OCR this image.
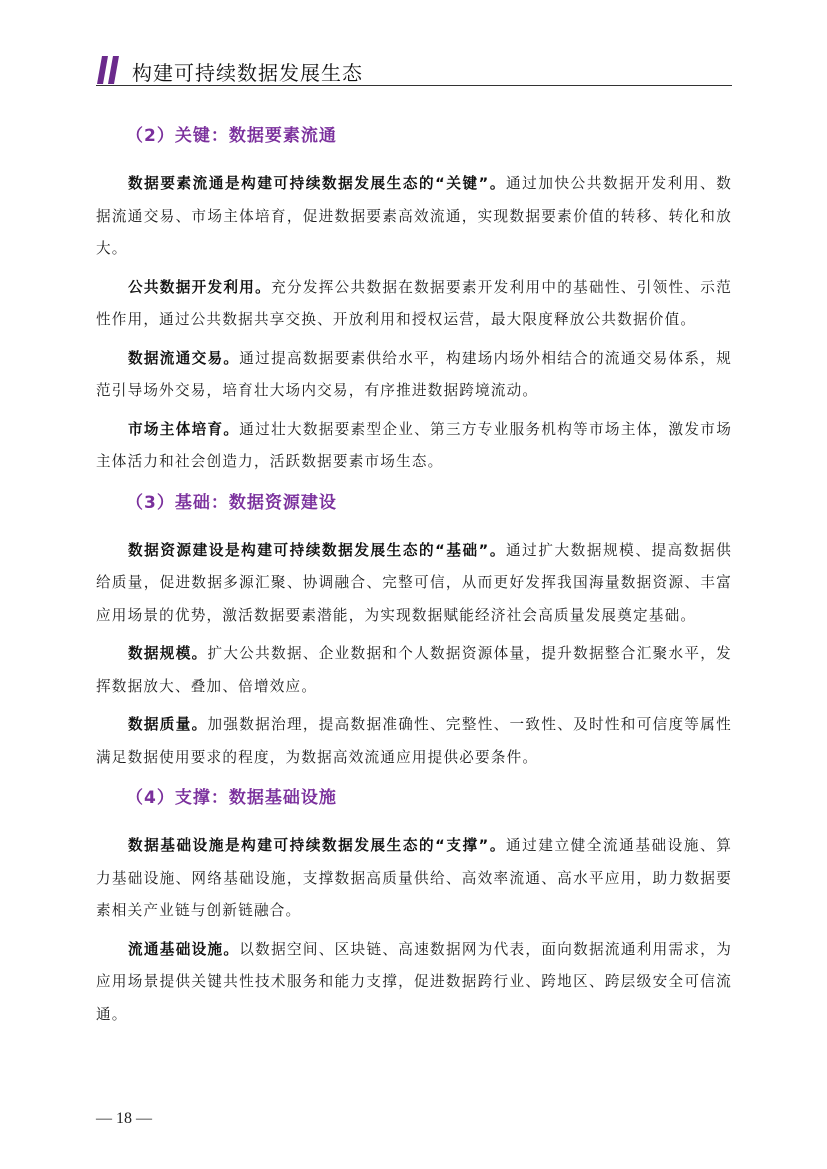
构建可持续数据发展生态
（2）关键：数据要素流通

数据要素流通是构建可持续数据发展生态的“关键”。通过加快公共数据开发利用、数据流通交易、市场主体培育，促进数据要素高效流通，实现数据要素价值的转移、转化和放大。

公共数据开发利用。充分发挥公共数据在数据要素开发利用中的基础性、引领性、示范性作用，通过公共数据共享交换、开放利用和授权运营，最大限度释放公共数据价值。

数据流通交易。通过提高数据要素供给水平，构建场内场外相结合的流通交易体系，规范引导场外交易，培育壮大场内交易，有序推进数据跨境流动。

市场主体培育。通过壮大数据要素型企业、第三方专业服务机构等市场主体，激发市场主体活力和社会创造力，活跃数据要素市场生态。

（3）基础：数据资源建设

数据资源建设是构建可持续数据发展生态的“基础”。通过扩大数据规模、提高数据供给质量，促进数据多源汇聚、协调融合、完整可信，从而更好发挥我国海量数据资源、丰富应用场景的优势，激活数据要素潜能，为实现数据赋能经济社会高质量发展奠定基础。

数据规模。扩大公共数据、企业数据和个人数据资源体量，提升数据整合汇聚水平，发挥数据放大、叠加、倍增效应。

数据质量。加强数据治理，提高数据准确性、完整性、一致性、及时性和可信度等属性满足数据使用要求的程度，为数据高效流通应用提供必要条件。

（4）支撑：数据基础设施

数据基础设施是构建可持续数据发展生态的“支撑”。通过建立健全流通基础设施、算力基础设施、网络基础设施，支撑数据高质量供给、高效率流通、高水平应用，助力数据要素相关产业链与创新链融合。

流通基础设施。以数据空间、区块链、高速数据网为代表，面向数据流通利用需求，为应用场景提供关键共性技术服务和能力支撑，促进数据跨行业、跨地区、跨层级安全可信流通。

— 18 —
